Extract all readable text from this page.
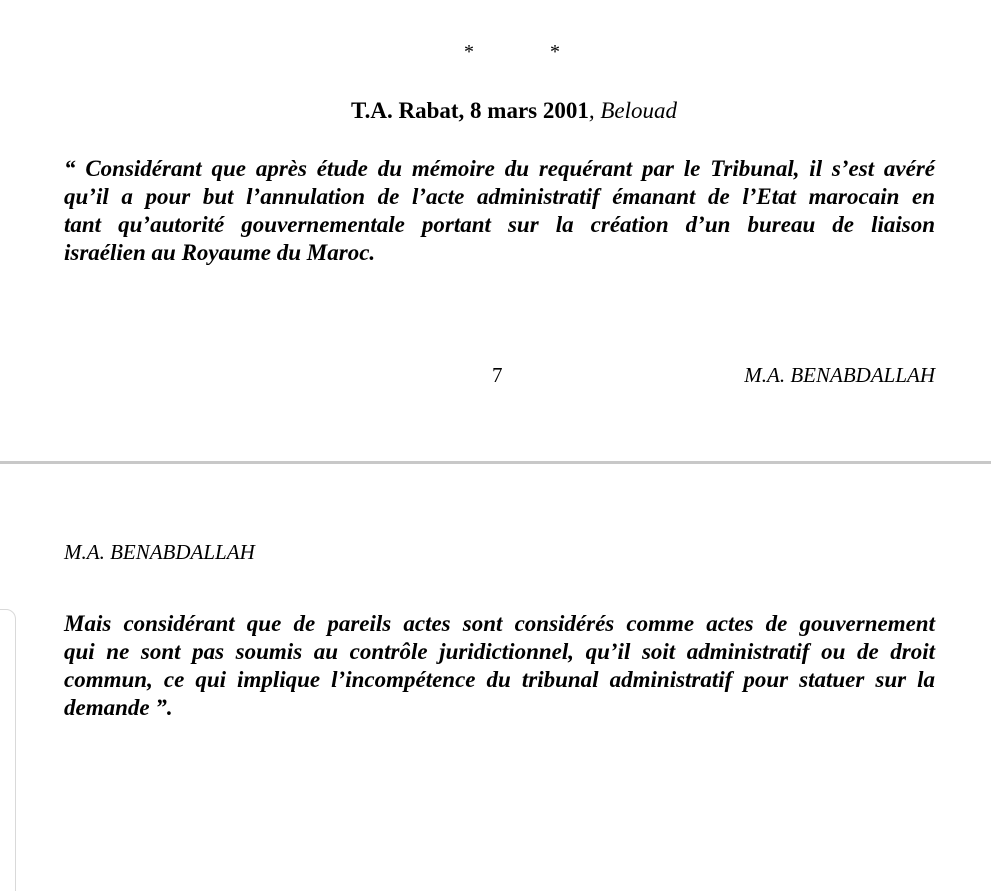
*	*
T.A. Rabat, 8 mars 2001, Belouad
“ Considérant que après étude du mémoire du requérant par le Tribunal, il s’est avéré
qu’il a pour but l’annulation de l’acte administratif émanant de l’Etat marocain en
tant qu’autorité gouvernementale portant sur la création d’un bureau de liaison
israélien au Royaume du Maroc.
7	M.A. BENABDALLAH
M.A. BENABDALLAH
Mais considérant que de pareils actes sont considérés comme actes de gouvernement
qui ne sont pas soumis au contrôle juridictionnel, qu’il soit administratif ou de droit
commun, ce qui implique l’incompétence du tribunal administratif pour statuer sur la
demande ”.
